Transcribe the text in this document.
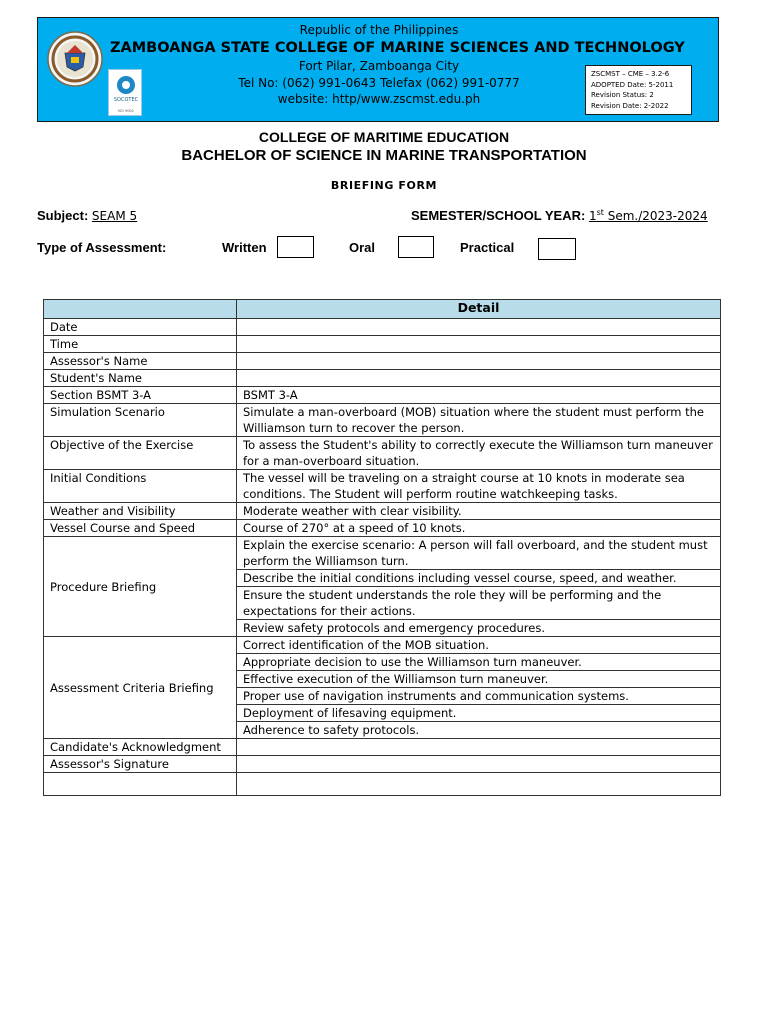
SOCOTEC
ISO 9001
Republic of the Philippines
ZAMBOANGA STATE COLLEGE OF MARINE SCIENCES AND TECHNOLOGY
Fort Pilar, Zamboanga City
Tel No: (062) 991-0643 Telefax (062) 991-0777
website: http/www.zscmst.edu.ph
ZSCMST – CME – 3.2-6
ADOPTED Date: 5-2011
Revision Status: 2
Revision Date: 2-2022
COLLEGE OF MARITIME EDUCATION
BACHELOR OF SCIENCE IN MARINE TRANSPORTATION
BRIEFING FORM
Subject: SEAM 5	SEMESTER/SCHOOL YEAR: 1st Sem./2023-2024
Type of Assessment:	Written	Oral	Practical
	Detail
Date	
Time	
Assessor's Name	
Student's Name	
Section BSMT 3-A	BSMT 3-A
Simulation Scenario	Simulate a man-overboard (MOB) situation where the student must perform the Williamson turn to recover the person.
Objective of the Exercise	To assess the Student's ability to correctly execute the Williamson turn maneuver for a man-overboard situation.
Initial Conditions	The vessel will be traveling on a straight course at 10 knots in moderate sea conditions. The Student will perform routine watchkeeping tasks.
Weather and Visibility	Moderate weather with clear visibility.
Vessel Course and Speed	Course of 270° at a speed of 10 knots.
Procedure Briefing	Explain the exercise scenario: A person will fall overboard, and the student must perform the Williamson turn.
	Describe the initial conditions including vessel course, speed, and weather.
	Ensure the student understands the role they will be performing and the expectations for their actions.
	Review safety protocols and emergency procedures.
Assessment Criteria Briefing	Correct identification of the MOB situation.
	Appropriate decision to use the Williamson turn maneuver.
	Effective execution of the Williamson turn maneuver.
	Proper use of navigation instruments and communication systems.
	Deployment of lifesaving equipment.
	Adherence to safety protocols.
Candidate's Acknowledgment	
Assessor's Signature	
